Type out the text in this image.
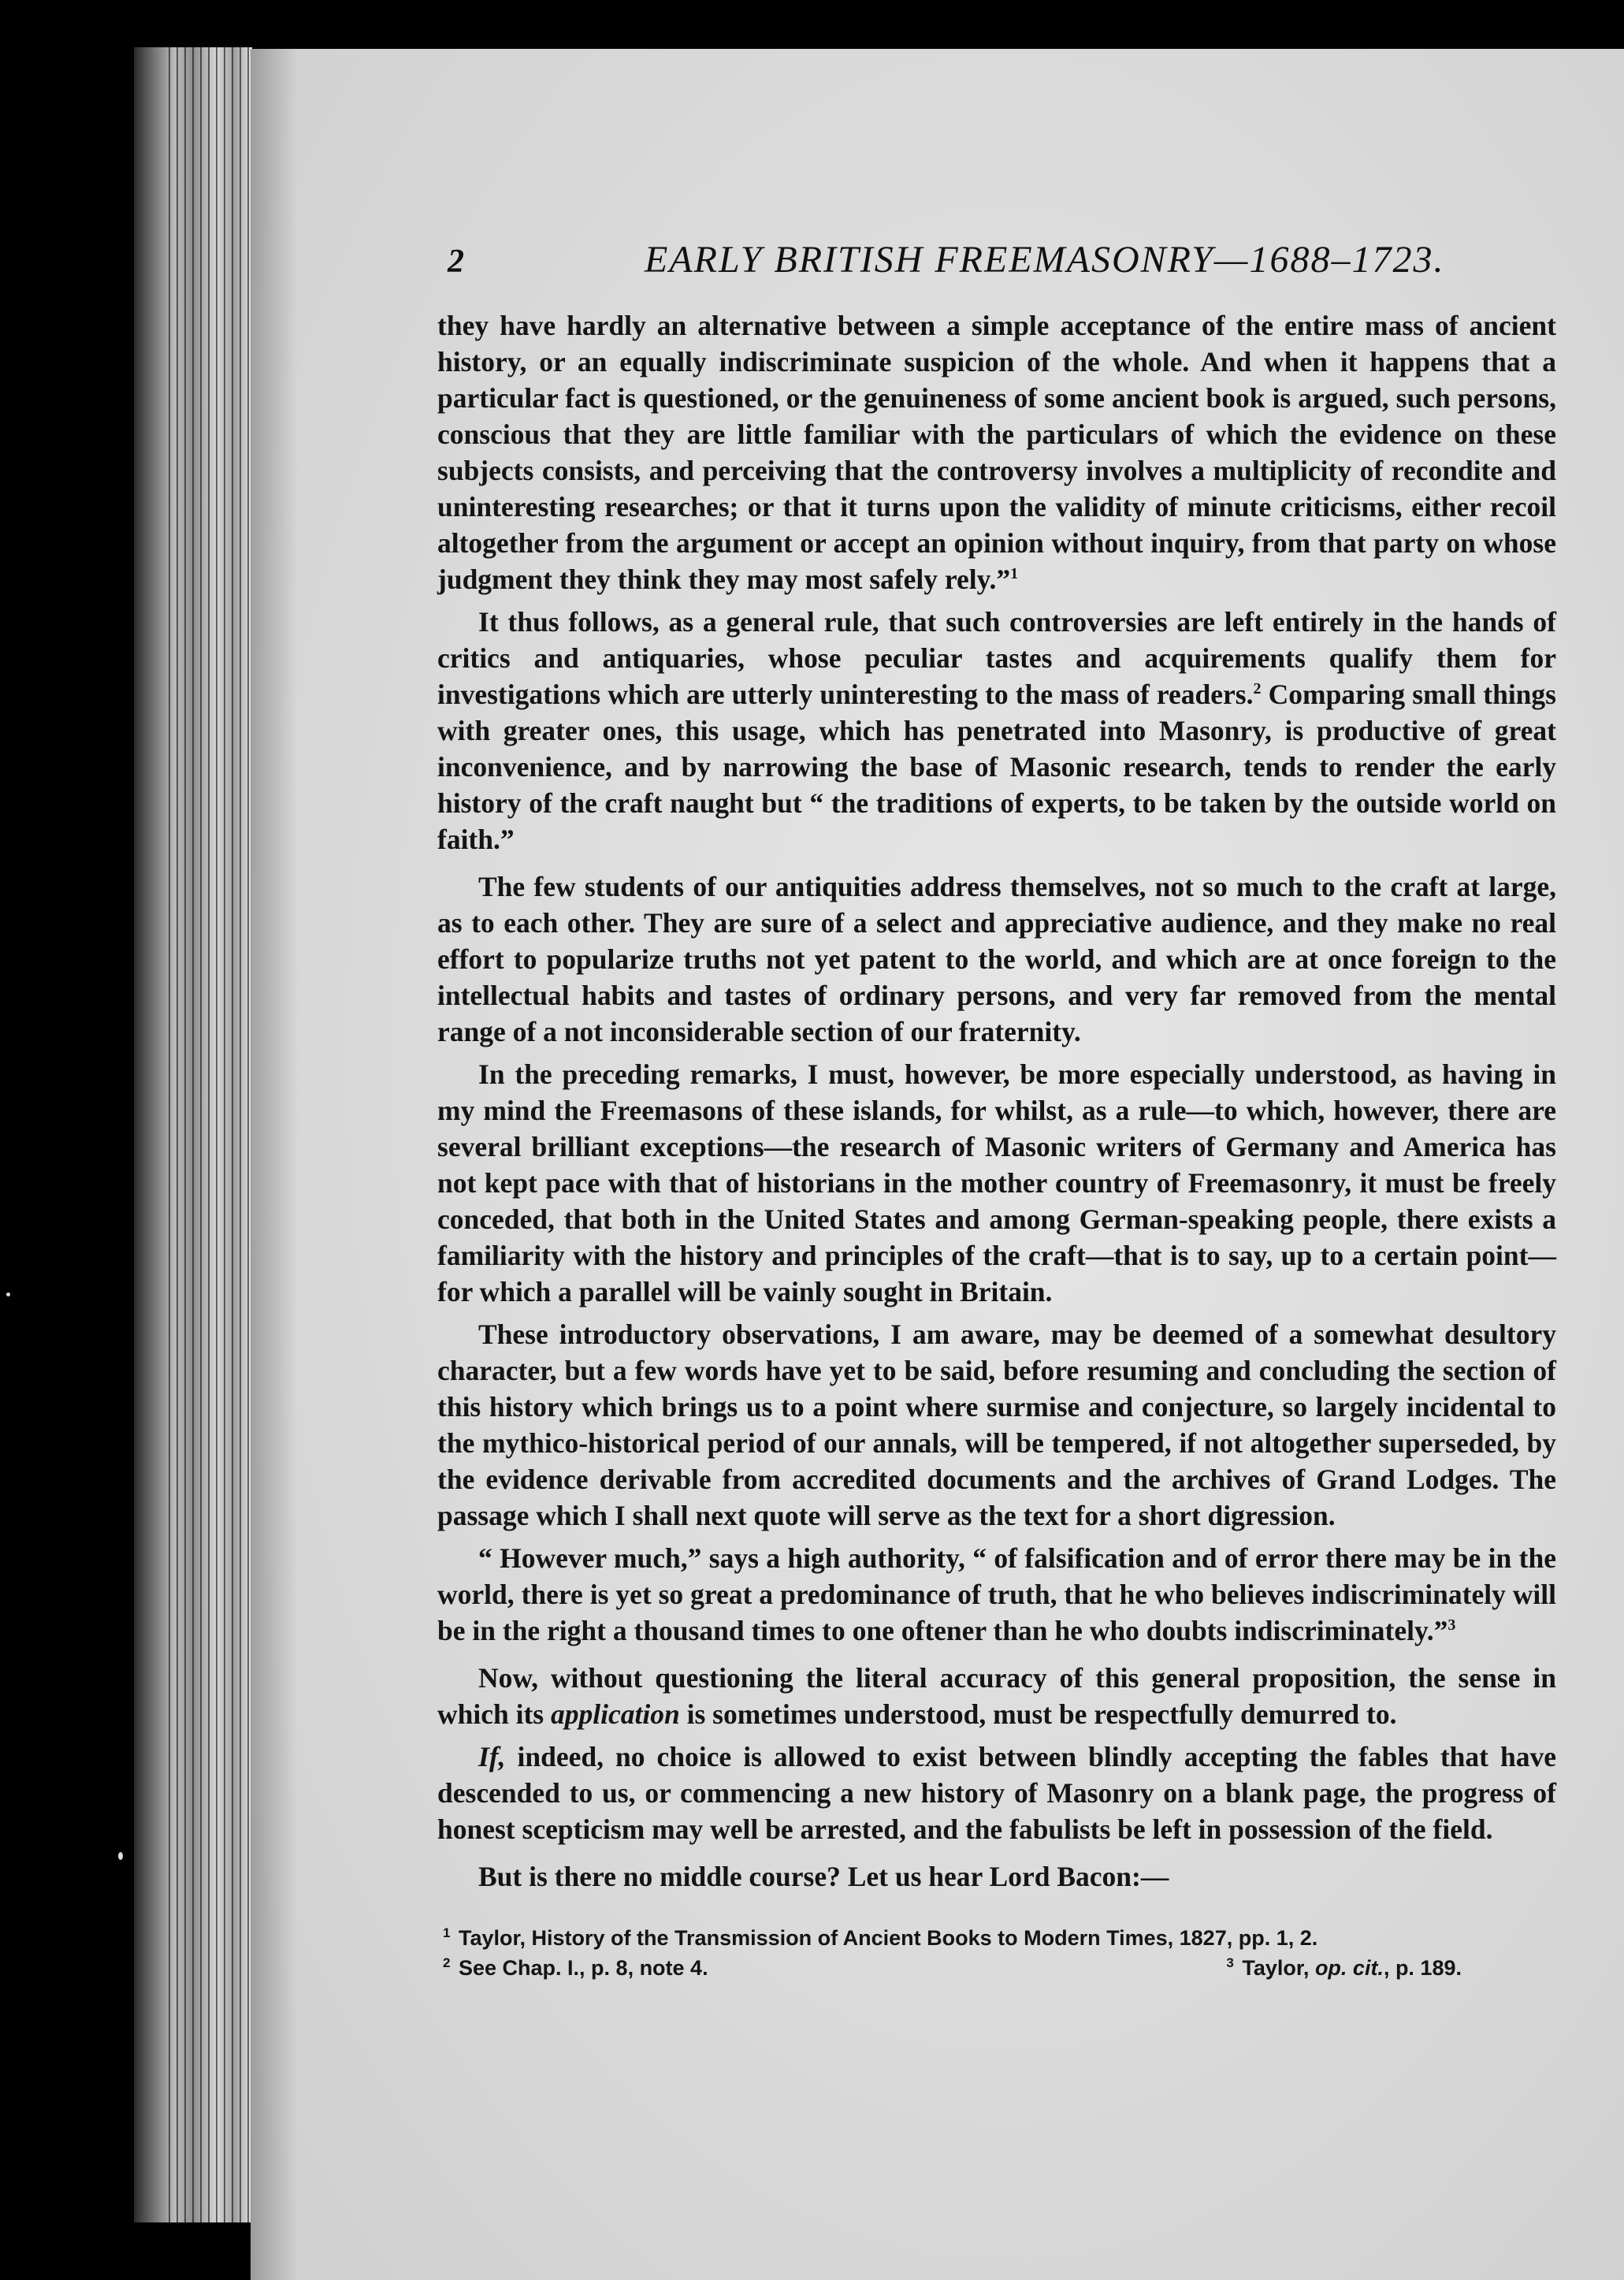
2	EARLY BRITISH FREEMASONRY—1688–1723.

they have hardly an alternative between a simple acceptance of the entire mass of ancient history, or an equally indiscriminate suspicion of the whole. And when it happens that a particular fact is questioned, or the genuineness of some ancient book is argued, such persons, conscious that they are little familiar with the particulars of which the evidence on these subjects consists, and perceiving that the controversy involves a multiplicity of recondite and uninteresting researches; or that it turns upon the validity of minute criticisms, either recoil altogether from the argument or accept an opinion without inquiry, from that party on whose judgment they think they may most safely rely.”$^1$

It thus follows, as a general rule, that such controversies are left entirely in the hands of critics and antiquaries, whose peculiar tastes and acquirements qualify them for investigations which are utterly uninteresting to the mass of readers.$^2$ Comparing small things with greater ones, this usage, which has penetrated into Masonry, is productive of great inconvenience, and by narrowing the base of Masonic research, tends to render the early history of the craft naught but “ the traditions of experts, to be taken by the outside world on faith.”

The few students of our antiquities address themselves, not so much to the craft at large, as to each other. They are sure of a select and appreciative audience, and they make no real effort to popularize truths not yet patent to the world, and which are at once foreign to the intellectual habits and tastes of ordinary persons, and very far removed from the mental range of a not inconsiderable section of our fraternity.

In the preceding remarks, I must, however, be more especially understood, as having in my mind the Freemasons of these islands, for whilst, as a rule—to which, however, there are several brilliant exceptions—the research of Masonic writers of Germany and America has not kept pace with that of historians in the mother country of Freemasonry, it must be freely conceded, that both in the United States and among German-speaking people, there exists a familiarity with the history and principles of the craft—that is to say, up to a certain point—for which a parallel will be vainly sought in Britain.

These introductory observations, I am aware, may be deemed of a somewhat desultory character, but a few words have yet to be said, before resuming and concluding the section of this history which brings us to a point where surmise and conjecture, so largely incidental to the mythico-historical period of our annals, will be tempered, if not altogether superseded, by the evidence derivable from accredited documents and the archives of Grand Lodges. The passage which I shall next quote will serve as the text for a short digression.

“ However much,” says a high authority, “ of falsification and of error there may be in the world, there is yet so great a predominance of truth, that he who believes indiscriminately will be in the right a thousand times to one oftener than he who doubts indiscriminately.”$^3$

Now, without questioning the literal accuracy of this general proposition, the sense in which its application is sometimes understood, must be respectfully demurred to.

If, indeed, no choice is allowed to exist between blindly accepting the fables that have descended to us, or commencing a new history of Masonry on a blank page, the progress of honest scepticism may well be arrested, and the fabulists be left in possession of the field.

But is there no middle course? Let us hear Lord Bacon:—

1 Taylor, History of the Transmission of Ancient Books to Modern Times, 1827, pp. 1, 2.
2 See Chap. I., p. 8, note 4.	3 Taylor, op. cit., p. 189.
